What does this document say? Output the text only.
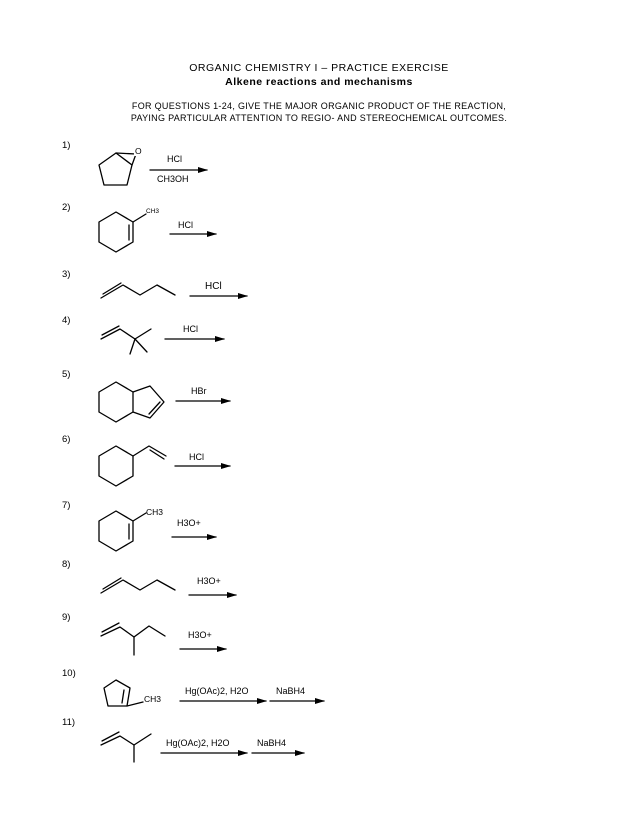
ORGANIC CHEMISTRY I – PRACTICE EXERCISE
Alkene reactions and mechanisms
FOR QUESTIONS 1-24, GIVE THE MAJOR ORGANIC PRODUCT OF THE REACTION,
PAYING PARTICULAR ATTENTION TO REGIO- AND STEREOCHEMICAL OUTCOMES.
1)
2)
3)
4)
5)
6)
7)
8)
9)
10)
11)
O
CH3
CH3
CH3
HCl
CH3OH
HCl
HCl
HCl
HBr
HCl
H3O+
H3O+
H3O+
Hg(OAc)2, H2O	NaBH4
Hg(OAc)2, H2O	NaBH4
